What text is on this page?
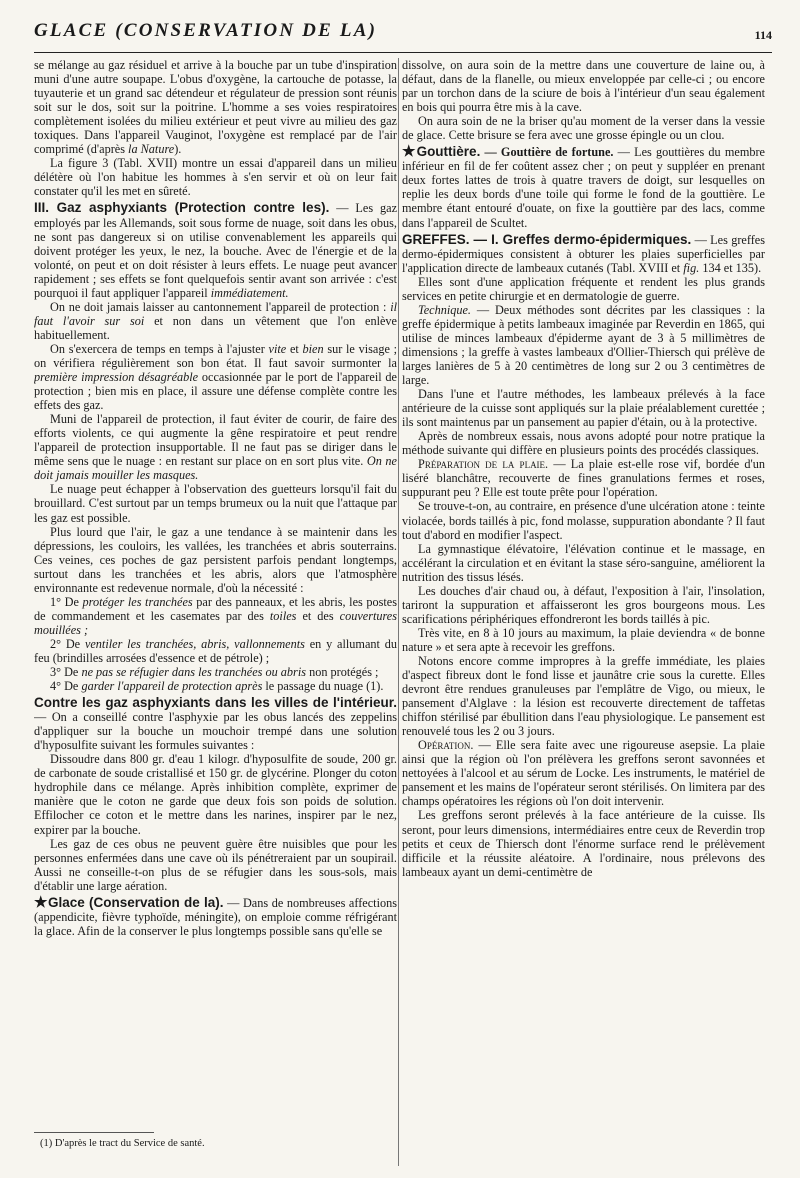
GLACE (CONSERVATION DE LA)	114

se mélange au gaz résiduel et arrive à la bouche par un tube d'inspiration muni d'une autre soupape. L'obus d'oxygène, la cartouche de potasse, la tuyauterie et un grand sac détendeur et régulateur de pression sont réunis soit sur le dos, soit sur la poitrine. L'homme a ses voies respiratoires complètement isolées du milieu extérieur et peut vivre au milieu des gaz toxiques. Dans l'appareil Vauginot, l'oxygène est remplacé par de l'air comprimé (d'après la Nature).

La figure 3 (Tabl. XVII) montre un essai d'appareil dans un milieu délétère où l'on habitue les hommes à s'en servir et où on leur fait constater qu'il les met en sûreté.

III. Gaz asphyxiants (Protection contre les). — Les gaz employés par les Allemands, soit sous forme de nuage, soit dans les obus, ne sont pas dangereux si on utilise convenablement les appareils qui doivent protéger les yeux, le nez, la bouche. Avec de l'énergie et de la volonté, on peut et on doit résister à leurs effets. Le nuage peut avancer rapidement ; ses effets se font quelquefois sentir avant son arrivée : c'est pourquoi il faut appliquer l'appareil immédiatement.

On ne doit jamais laisser au cantonnement l'appareil de protection : il faut l'avoir sur soi et non dans un vêtement que l'on enlève habituellement.

On s'exercera de temps en temps à l'ajuster vite et bien sur le visage ; on vérifiera régulièrement son bon état. Il faut savoir surmonter la première impression désagréable occasionnée par le port de l'appareil de protection ; bien mis en place, il assure une défense complète contre les effets des gaz.

Muni de l'appareil de protection, il faut éviter de courir, de faire des efforts violents, ce qui augmente la gêne respiratoire et peut rendre l'appareil de protection insupportable. Il ne faut pas se diriger dans le même sens que le nuage : en restant sur place on en sort plus vite. On ne doit jamais mouiller les masques.

Le nuage peut échapper à l'observation des guetteurs lorsqu'il fait du brouillard. C'est surtout par un temps brumeux ou la nuit que l'attaque par les gaz est possible.

Plus lourd que l'air, le gaz a une tendance à se maintenir dans les dépressions, les couloirs, les vallées, les tranchées et abris souterrains. Ces veines, ces poches de gaz persistent parfois pendant longtemps, surtout dans les tranchées et les abris, alors que l'atmosphère environnante est redevenue normale, d'où la nécessité :

1° De protéger les tranchées par des panneaux, et les abris, les postes de commandement et les casemates par des toiles et des couvertures mouillées ;

2° De ventiler les tranchées, abris, vallonnements en y allumant du feu (brindilles arrosées d'essence et de pétrole) ;

3° De ne pas se réfugier dans les tranchées ou abris non protégés ;

4° De garder l'appareil de protection après le passage du nuage (1).

Contre les gaz asphyxiants dans les villes de l'intérieur. — On a conseillé contre l'asphyxie par les obus lancés des zeppelins d'appliquer sur la bouche un mouchoir trempé dans une solution d'hyposulfite suivant les formules suivantes :

Dissoudre dans 800 gr. d'eau 1 kilogr. d'hyposulfite de soude, 200 gr. de carbonate de soude cristallisé et 150 gr. de glycérine. Plonger du coton hydrophile dans ce mélange. Après inhibition complète, exprimer de manière que le coton ne garde que deux fois son poids de solution. Effilocher ce coton et le mettre dans les narines, inspirer par le nez, expirer par la bouche.

Les gaz de ces obus ne peuvent guère être nuisibles que pour les personnes enfermées dans une cave où ils pénétreraient par un soupirail. Aussi ne conseille-t-on plus de se réfugier dans les sous-sols, mais d'établir une large aération.

★Glace (Conservation de la). — Dans de nombreuses affections (appendicite, fièvre typhoïde, méningite), on emploie comme réfrigérant la glace. Afin de la conserver le plus longtemps possible sans qu'elle se

dissolve, on aura soin de la mettre dans une couverture de laine ou, à défaut, dans de la flanelle, ou mieux enveloppée par celle-ci ; ou encore par un torchon dans de la sciure de bois à l'intérieur d'un seau également en bois qui pourra être mis à la cave.

On aura soin de ne la briser qu'au moment de la verser dans la vessie de glace. Cette brisure se fera avec une grosse épingle ou un clou.

★Gouttière. — Gouttière de fortune. — Les gouttières du membre inférieur en fil de fer coûtent assez cher ; on peut y suppléer en prenant deux fortes lattes de trois à quatre travers de doigt, sur lesquelles on replie les deux bords d'une toile qui forme le fond de la gouttière. Le membre étant entouré d'ouate, on fixe la gouttière par des lacs, comme dans l'appareil de Scultet.

GREFFES. — I. Greffes dermo-épidermiques. — Les greffes dermo-épidermiques consistent à obturer les plaies superficielles par l'application directe de lambeaux cutanés (Tabl. XVIII et fig. 134 et 135).

Elles sont d'une application fréquente et rendent les plus grands services en petite chirurgie et en dermatologie de guerre.

Technique. — Deux méthodes sont décrites par les classiques : la greffe épidermique à petits lambeaux imaginée par Reverdin en 1865, qui utilise de minces lambeaux d'épiderme ayant de 3 à 5 millimètres de dimensions ; la greffe à vastes lambeaux d'Ollier-Thiersch qui prélève de larges lanières de 5 à 20 centimètres de long sur 2 ou 3 centimètres de large.

Dans l'une et l'autre méthodes, les lambeaux prélevés à la face antérieure de la cuisse sont appliqués sur la plaie préalablement curettée ; ils sont maintenus par un pansement au papier d'étain, ou à la protective.

Après de nombreux essais, nous avons adopté pour notre pratique la méthode suivante qui diffère en plusieurs points des procédés classiques.

Préparation de la plaie. — La plaie est-elle rose vif, bordée d'un liséré blanchâtre, recouverte de fines granulations fermes et roses, suppurant peu ? Elle est toute prête pour l'opération.

Se trouve-t-on, au contraire, en présence d'une ulcération atone : teinte violacée, bords taillés à pic, fond molasse, suppuration abondante ? Il faut tout d'abord en modifier l'aspect.

La gymnastique élévatoire, l'élévation continue et le massage, en accélérant la circulation et en évitant la stase séro-sanguine, améliorent la nutrition des tissus lésés.

Les douches d'air chaud ou, à défaut, l'exposition à l'air, l'insolation, tariront la suppuration et affaisseront les gros bourgeons mous. Les scarifications périphériques effondreront les bords taillés à pic.

Très vite, en 8 à 10 jours au maximum, la plaie deviendra « de bonne nature » et sera apte à recevoir les greffons.

Notons encore comme impropres à la greffe immédiate, les plaies d'aspect fibreux dont le fond lisse et jaunâtre crie sous la curette. Elles devront être rendues granuleuses par l'emplâtre de Vigo, ou mieux, le pansement d'Alglave : la lésion est recouverte directement de taffetas chiffon stérilisé par ébullition dans l'eau physiologique. Le pansement est renouvelé tous les 2 ou 3 jours.

Opération. — Elle sera faite avec une rigoureuse asepsie. La plaie ainsi que la région où l'on prélèvera les greffons seront savonnées et nettoyées à l'alcool et au sérum de Locke. Les instruments, le matériel de pansement et les mains de l'opérateur seront stérilisés. On limitera par des champs opératoires les régions où l'on doit intervenir.

Les greffons seront prélevés à la face antérieure de la cuisse. Ils seront, pour leurs dimensions, intermédiaires entre ceux de Reverdin trop petits et ceux de Thiersch dont l'énorme surface rend le prélèvement difficile et la réussite aléatoire. A l'ordinaire, nous prélevons des lambeaux ayant un demi-centimètre de

(1) D'après le tract du Service de santé.
